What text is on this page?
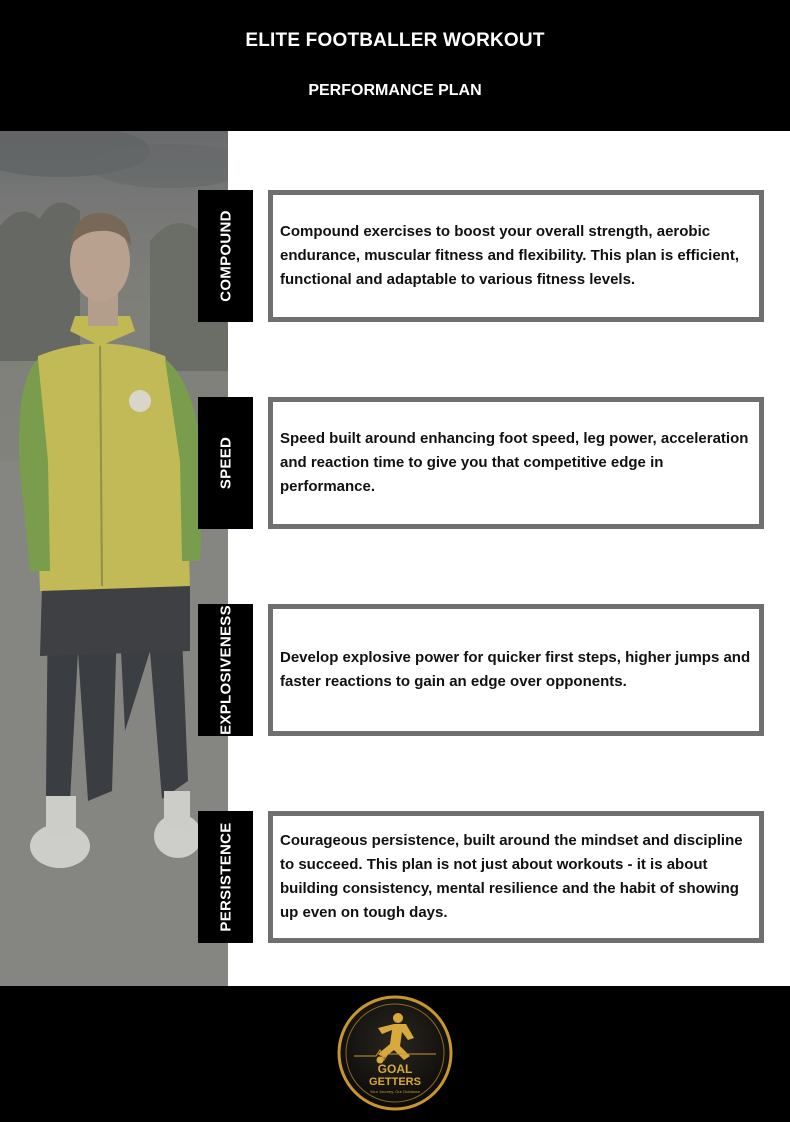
ELITE FOOTBALLER WORKOUT
PERFORMANCE PLAN
COMPOUND	Compound exercises to boost your overall strength, aerobic endurance, muscular fitness and flexibility. This plan is efficient, functional and adaptable to various fitness levels.

SPEED	Speed built around enhancing foot speed, leg power, acceleration and reaction time to give you that competitive edge in performance.

EXPLOSIVENESS	Develop explosive power for quicker first steps, higher jumps and faster reactions to gain an edge over opponents.

PERSISTENCE	Courageous persistence, built around the mindset and discipline to succeed. This plan is not just about workouts - it is about building consistency, mental resilience and the habit of showing up even on tough days.

GOAL
GETTERS
Your Journey, Our Guidance
